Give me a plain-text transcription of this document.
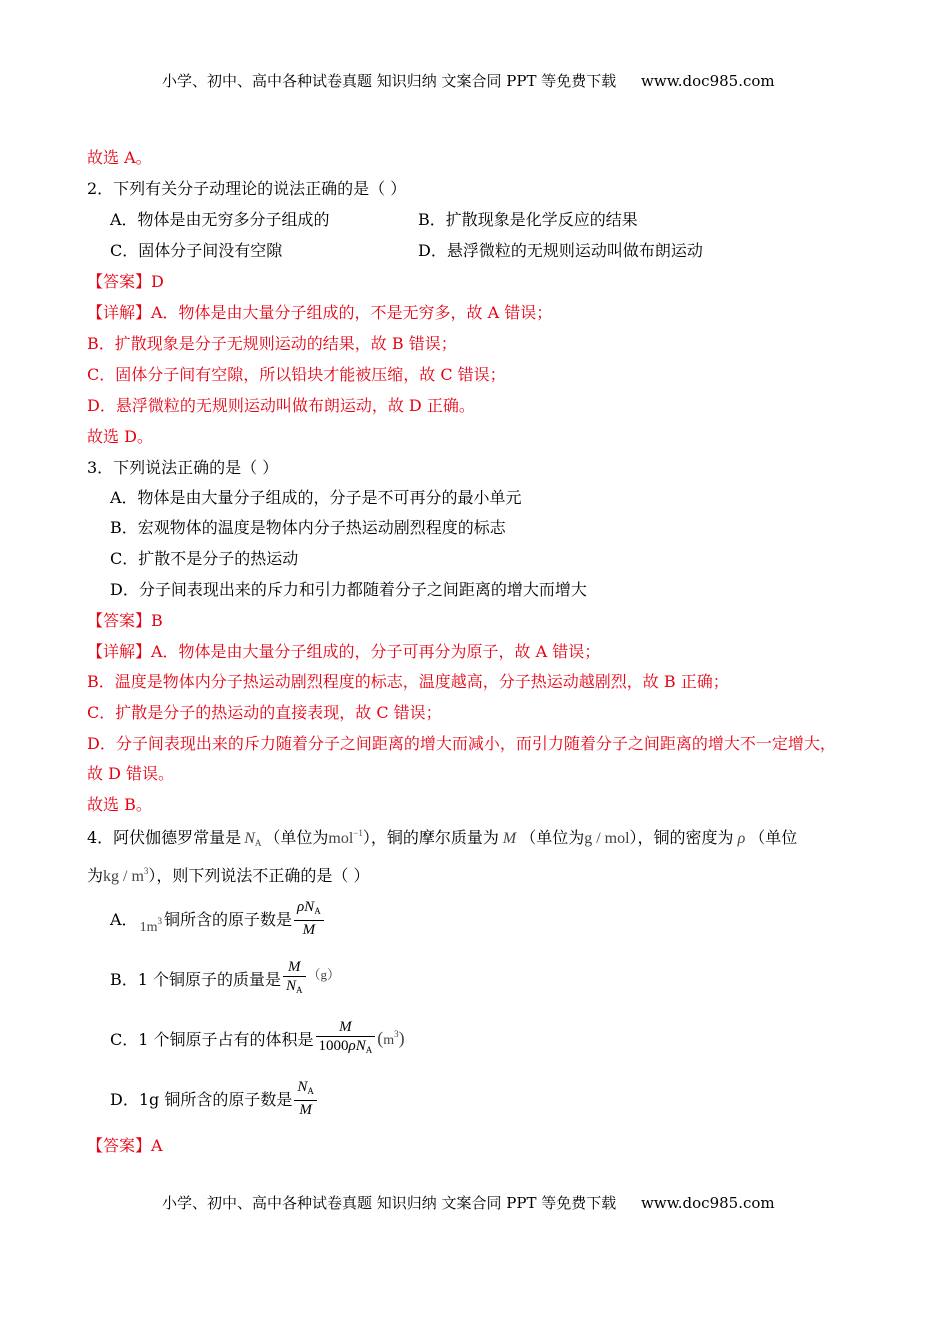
小学、初中、高中各种试卷真题 知识归纳 文案合同 PPT 等免费下载 www.doc985.com
故选 A。
2．下列有关分子动理论的说法正确的是（ ）
A．物体是由无穷多分子组成的	B．扩散现象是化学反应的结果
C．固体分子间没有空隙	D．悬浮微粒的无规则运动叫做布朗运动
【答案】D
【详解】A．物体是由大量分子组成的，不是无穷多，故 A 错误；
B．扩散现象是分子无规则运动的结果，故 B 错误；
C．固体分子间有空隙，所以铅块才能被压缩，故 C 错误；
D．悬浮微粒的无规则运动叫做布朗运动，故 D 正确。
故选 D。
3．下列说法正确的是（ ）
A．物体是由大量分子组成的，分子是不可再分的最小单元
B．宏观物体的温度是物体内分子热运动剧烈程度的标志
C．扩散不是分子的热运动
D．分子间表现出来的斥力和引力都随着分子之间距离的增大而增大
【答案】B
【详解】A．物体是由大量分子组成的，分子可再分为原子，故 A 错误；
B．温度是物体内分子热运动剧烈程度的标志，温度越高，分子热运动越剧烈，故 B 正确；
C．扩散是分子的热运动的直接表现，故 C 错误；
D．分子间表现出来的斥力随着分子之间距离的增大而减小，而引力随着分子之间距离的增大不一定增大，
故 D 错误。
故选 B。
4．阿伏伽德罗常量是 $N_A$ （单位为mol$^{-1}$），铜的摩尔质量为 M （单位为g / mol），铜的密度为 ρ （单位
为kg / $m^3$），则下列说法不正确的是（ ）
A． $1m^3$ 铜所含的原子数是 $\frac{\rho N_A}{M}$
B．1 个铜原子的质量是 $\frac{M}{N_A} ^{(g)}$
C．1 个铜原子占有的体积是 $\frac{M}{1000\rho N_A} (m^3)$
D．1g 铜所含的原子数是 $\frac{N_A}{M}$
【答案】A
小学、初中、高中各种试卷真题 知识归纳 文案合同 PPT 等免费下载 www.doc985.com
